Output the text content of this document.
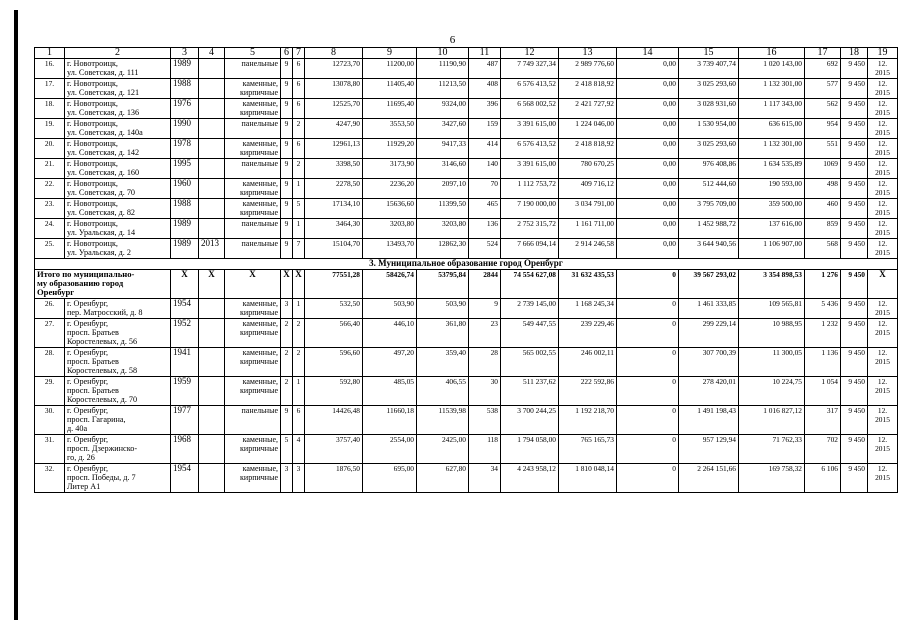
6
1	2	3	4	5	6	7	8	9	10	11	12	13	14	15	16	17	18	19
16.	г. Новотроицк,
ул. Советская, д. 111	1989		панельные	9	6	12723,70	11200,00	11190,90	487	7 749 327,34	2 989 776,60	0,00	3 739 407,74	1 020 143,00	692	9 450	12.
2015
17.	г. Новотроицк,
ул. Советская, д. 121	1988		каменные,
кирпичные	9	6	13078,80	11405,40	11213,50	408	6 576 413,52	2 418 818,92	0,00	3 025 293,60	1 132 301,00	577	9 450	12.
2015
18.	г. Новотроицк,
ул. Советская, д. 136	1976		каменные,
кирпичные	9	6	12525,70	11695,40	9324,00	396	6 568 002,52	2 421 727,92	0,00	3 028 931,60	1 117 343,00	562	9 450	12.
2015
19.	г. Новотроицк,
ул. Советская, д. 140а	1990		панельные	9	2	4247,90	3553,50	3427,60	159	3 391 615,00	1 224 046,00	0,00	1 530 954,00	636 615,00	954	9 450	12.
2015
20.	г. Новотроицк,
ул. Советская, д. 142	1978		каменные,
кирпичные	9	6	12961,13	11929,20	9417,33	414	6 576 413,52	2 418 818,92	0,00	3 025 293,60	1 132 301,00	551	9 450	12.
2015
21.	г. Новотроицк,
ул. Советская, д. 160	1995		панельные	9	2	3398,50	3173,90	3146,60	140	3 391 615,00	780 670,25	0,00	976 408,86	1 634 535,89	1069	9 450	12.
2015
22.	г. Новотроицк,
ул. Советская, д. 70	1960		каменные,
кирпичные	9	1	2278,50	2236,20	2097,10	70	1 112 753,72	409 716,12	0,00	512 444,60	190 593,00	498	9 450	12.
2015
23.	г. Новотроицк,
ул. Советская, д. 82	1988		каменные,
кирпичные	9	5	17134,10	15636,60	11399,50	465	7 190 000,00	3 034 791,00	0,00	3 795 709,00	359 500,00	460	9 450	12.
2015
24.	г. Новотроицк,
ул. Уральская, д. 14	1989		панельные	9	1	3464,30	3203,80	3203,80	136	2 752 315,72	1 161 711,00	0,00	1 452 988,72	137 616,00	859	9 450	12.
2015
25.	г. Новотроицк,
ул. Уральская, д. 2	1989	2013	панельные	9	7	15104,70	13493,70	12862,30	524	7 666 094,14	2 914 246,58	0,00	3 644 940,56	1 106 907,00	568	9 450	12.
2015
3. Муниципальное образование город Оренбург																		
Итого по муниципально-
му образованию город
Оренбург		X	X	X	X	X	77551,28	58426,74	53795,84	2844	74 554 627,08	31 632 435,53	0	39 567 293,02	3 354 898,53	1 276	9 450	X
26.	г. Оренбург,
пер. Матросский, д. 8	1954		каменные,
кирпичные	3	1	532,50	503,90	503,90	9	2 739 145,00	1 168 245,34	0	1 461 333,85	109 565,81	5 436	9 450	12.
2015
27.	г. Оренбург,
просп. Братьев
Коростелевых, д. 56	1952		каменные,
кирпичные	2	2	566,40	446,10	361,80	23	549 447,55	239 229,46	0	299 229,14	10 988,95	1 232	9 450	12.
2015
28.	г. Оренбург,
просп. Братьев
Коростелевых, д. 58	1941		каменные,
кирпичные	2	2	596,60	497,20	359,40	28	565 002,55	246 002,11	0	307 700,39	11 300,05	1 136	9 450	12.
2015
29.	г. Оренбург,
просп. Братьев
Коростелевых, д. 70	1959		каменные,
кирпичные	2	1	592,80	485,05	406,55	30	511 237,62	222 592,86	0	278 420,01	10 224,75	1 054	9 450	12.
2015
30.	г. Оренбург,
просп. Гагарина,
д. 40а	1977		панельные	9	6	14426,48	11660,18	11539,98	538	3 700 244,25	1 192 218,70	0	1 491 198,43	1 016 827,12	317	9 450	12.
2015
31.	г. Оренбург,
просп. Дзержинско-
го, д. 26	1968		каменные,
кирпичные	5	4	3757,40	2554,00	2425,00	118	1 794 058,00	765 165,73	0	957 129,94	71 762,33	702	9 450	12.
2015
32.	г. Оренбург,
просп. Победы, д. 7
Литер А1	1954		каменные,
кирпичные	3	3	1876,50	695,00	627,80	34	4 243 958,12	1 810 048,14	0	2 264 151,66	169 758,32	6 106	9 450	12.
2015
